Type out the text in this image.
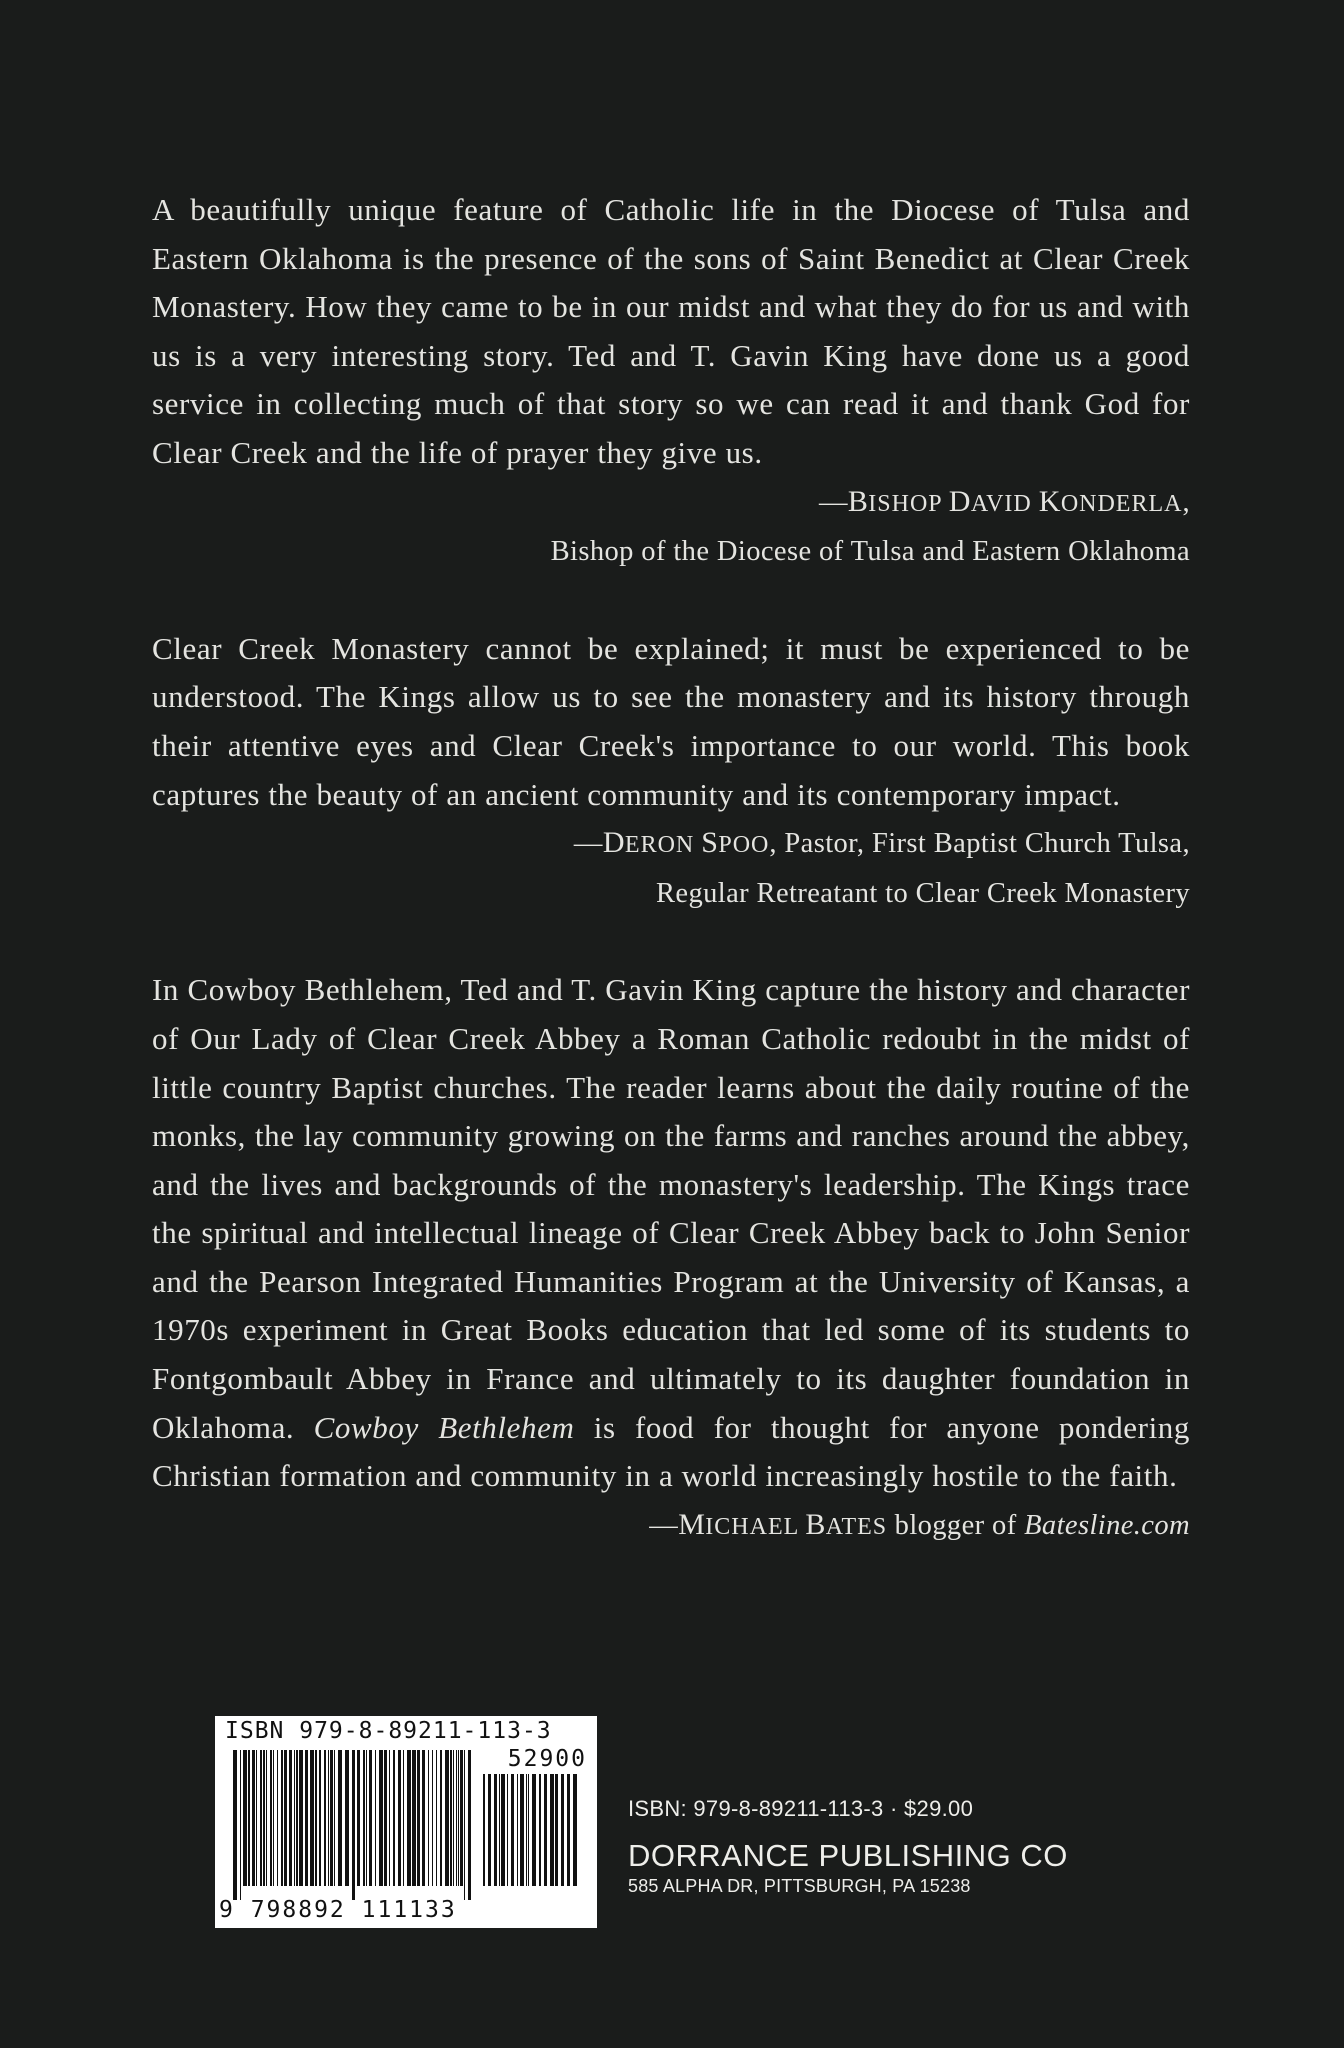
A beautifully unique feature of Catholic life in the Diocese of Tulsa and Eastern Oklahoma is the presence of the sons of Saint Benedict at Clear Creek Monastery. How they came to be in our midst and what they do for us and with us is a very interesting story. Ted and T. Gavin King have done us a good service in collecting much of that story so we can read it and thank God for Clear Creek and the life of prayer they give us.

—BISHOP DAVID KONDERLA,

Bishop of the Diocese of Tulsa and Eastern Oklahoma

Clear Creek Monastery cannot be explained; it must be experienced to be understood. The Kings allow us to see the monastery and its history through their attentive eyes and Clear Creek's importance to our world. This book captures the beauty of an ancient community and its contemporary impact.

—DERON SPOO, Pastor, First Baptist Church Tulsa,

Regular Retreatant to Clear Creek Monastery

In Cowboy Bethlehem, Ted and T. Gavin King capture the history and character of Our Lady of Clear Creek Abbey a Roman Catholic redoubt in the midst of little country Baptist churches. The reader learns about the daily routine of the monks, the lay community growing on the farms and ranches around the abbey, and the lives and backgrounds of the monastery's leadership. The Kings trace the spiritual and intellectual lineage of Clear Creek Abbey back to John Senior and the Pearson Integrated Humanities Program at the University of Kansas, a 1970s experiment in Great Books education that led some of its students to Fontgombault Abbey in France and ultimately to its daughter foundation in Oklahoma. Cowboy Bethlehem is food for thought for anyone pondering Christian formation and community in a world increasingly hostile to the faith.

—MICHAEL BATES blogger of Batesline.com

ISBN 979-8-89211-113-3
52900
9 798892 111133
ISBN: 979-8-89211-113-3 · $29.00
DORRANCE PUBLISHING CO
585 ALPHA DR, PITTSBURGH, PA 15238
